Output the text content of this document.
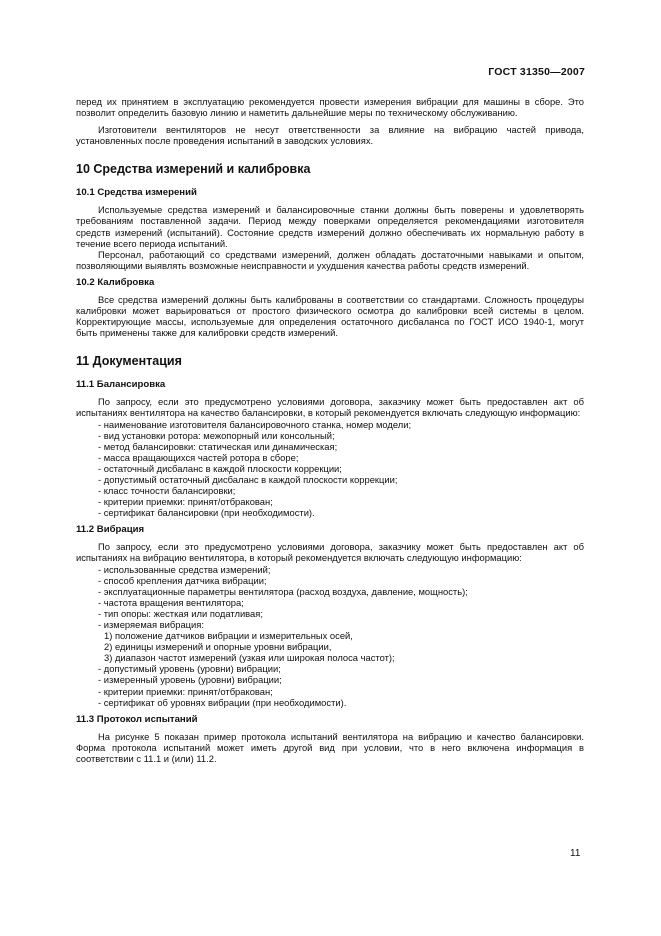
ГОСТ 31350—2007

перед их принятием в эксплуатацию рекомендуется провести измерения вибрации для машины в сборе. Это позволит определить базовую линию и наметить дальнейшие меры по техническому обслуживанию.

Изготовители вентиляторов не несут ответственности за влияние на вибрацию частей привода, установленных после проведения испытаний в заводских условиях.

10 Средства измерений и калибровка
10.1 Средства измерений

Используемые средства измерений и балансировочные станки должны быть поверены и удовлетворять требованиям поставленной задачи. Период между поверками определяется рекомендациями изготовителя средств измерений (испытаний). Состояние средств измерений должно обеспечивать их нормальную работу в течение всего периода испытаний.

Персонал, работающий со средствами измерений, должен обладать достаточными навыками и опытом, позволяющими выявлять возможные неисправности и ухудшения качества работы средств измерений.

10.2 Калибровка

Все средства измерений должны быть калиброваны в соответствии со стандартами. Сложность процедуры калибровки может варьироваться от простого физического осмотра до калибровки всей системы в целом. Корректирующие массы, используемые для определения остаточного дисбаланса по ГОСТ ИСО 1940-1, могут быть применены также для калибровки средств измерений.

11 Документация
11.1 Балансировка

По запросу, если это предусмотрено условиями договора, заказчику может быть предоставлен акт об испытаниях вентилятора на качество балансировки, в который рекомендуется включать следующую информацию:

- наименование изготовителя балансировочного станка, номер модели;
- вид установки ротора: межопорный или консольный;
- метод балансировки: статическая или динамическая;
- масса вращающихся частей ротора в сборе;
- остаточный дисбаланс в каждой плоскости коррекции;
- допустимый остаточный дисбаланс в каждой плоскости коррекции;
- класс точности балансировки;
- критерии приемки: принят/отбракован;
- сертификат балансировки (при необходимости).
11.2 Вибрация

По запросу, если это предусмотрено условиями договора, заказчику может быть предоставлен акт об испытаниях на вибрацию вентилятора, в который рекомендуется включать следующую информацию:

- использованные средства измерений;
- способ крепления датчика вибрации;
- эксплуатационные параметры вентилятора (расход воздуха, давление, мощность);
- частота вращения вентилятора;
- тип опоры: жесткая или податливая;
- измеряемая вибрация:
1) положение датчиков вибрации и измерительных осей,
2) единицы измерений и опорные уровни вибрации,
3) диапазон частот измерений (узкая или широкая полоса частот);
- допустимый уровень (уровни) вибрации;
- измеренный уровень (уровни) вибрации;
- критерии приемки: принят/отбракован;
- сертификат об уровнях вибрации (при необходимости).
11.3 Протокол испытаний

На рисунке 5 показан пример протокола испытаний вентилятора на вибрацию и качество балансировки. Форма протокола испытаний может иметь другой вид при условии, что в него включена информация в соответствии с 11.1 и (или) 11.2.

11
